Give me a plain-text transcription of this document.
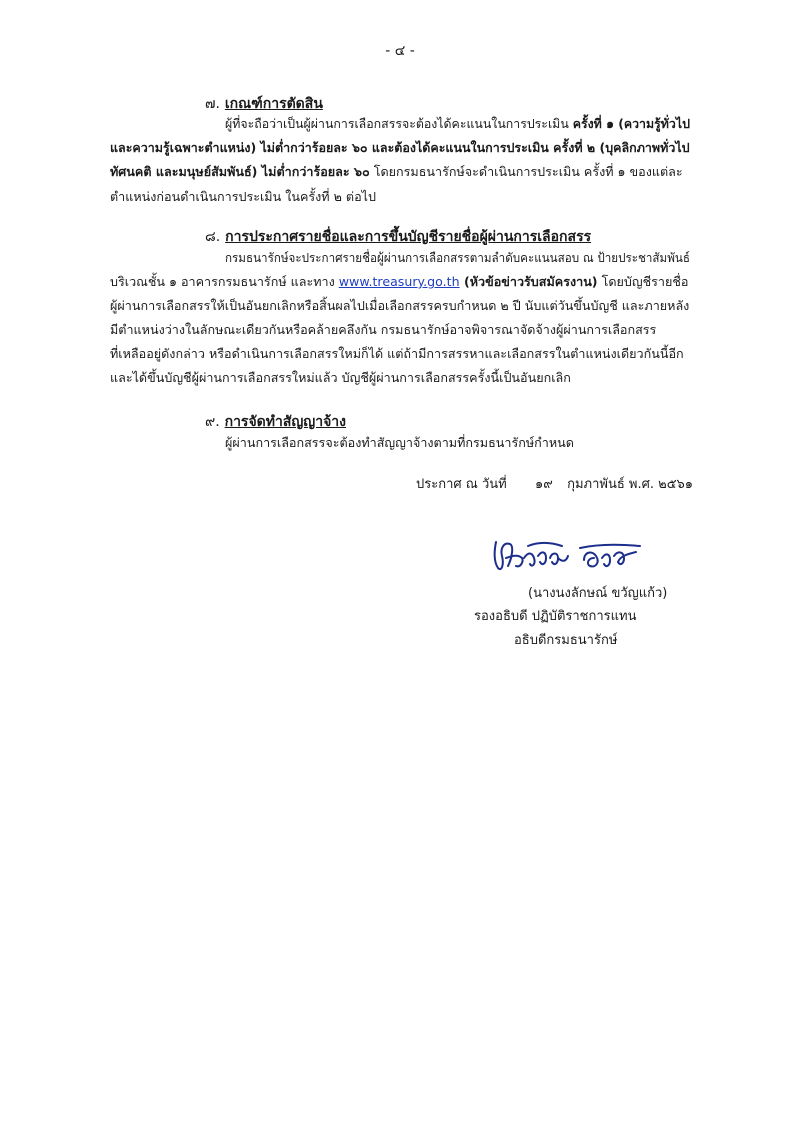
- ๔ -
๗. เกณฑ์การตัดสิน
ผู้ที่จะถือว่าเป็นผู้ผ่านการเลือกสรรจะต้องได้คะแนนในการประเมิน ครั้งที่ ๑ (ความรู้ทั่วไป
และความรู้เฉพาะตำแหน่ง) ไม่ต่ำกว่าร้อยละ ๖๐ และต้องได้คะแนนในการประเมิน ครั้งที่ ๒ (บุคลิกภาพทั่วไป
ทัศนคติ และมนุษย์สัมพันธ์) ไม่ต่ำกว่าร้อยละ ๖๐ โดยกรมธนารักษ์จะดำเนินการประเมิน ครั้งที่ ๑ ของแต่ละ
ตำแหน่งก่อนดำเนินการประเมิน ในครั้งที่ ๒ ต่อไป
๘. การประกาศรายชื่อและการขึ้นบัญชีรายชื่อผู้ผ่านการเลือกสรร
กรมธนารักษ์จะประกาศรายชื่อผู้ผ่านการเลือกสรรตามลำดับคะแนนสอบ ณ ป้ายประชาสัมพันธ์
บริเวณชั้น ๑ อาคารกรมธนารักษ์ และทาง www.treasury.go.th (หัวข้อข่าวรับสมัครงาน) โดยบัญชีรายชื่อ
ผู้ผ่านการเลือกสรรให้เป็นอันยกเลิกหรือสิ้นผลไปเมื่อเลือกสรรครบกำหนด ๒ ปี นับแต่วันขึ้นบัญชี และภายหลัง
มีตำแหน่งว่างในลักษณะเดียวกันหรือคล้ายคลึงกัน กรมธนารักษ์อาจพิจารณาจัดจ้างผู้ผ่านการเลือกสรร
ที่เหลืออยู่ดังกล่าว หรือดำเนินการเลือกสรรใหม่ก็ได้ แต่ถ้ามีการสรรหาและเลือกสรรในตำแหน่งเดียวกันนี้อีก
และได้ขึ้นบัญชีผู้ผ่านการเลือกสรรใหม่แล้ว บัญชีผู้ผ่านการเลือกสรรครั้งนี้เป็นอันยกเลิก
๙. การจัดทำสัญญาจ้าง
ผู้ผ่านการเลือกสรรจะต้องทำสัญญาจ้างตามที่กรมธนารักษ์กำหนด
ประกาศ ณ วันที่ ๑๙ กุมภาพันธ์ พ.ศ. ๒๕๖๑
(นางนงลักษณ์ ขวัญแก้ว)
รองอธิบดี ปฏิบัติราชการแทน
อธิบดีกรมธนารักษ์
